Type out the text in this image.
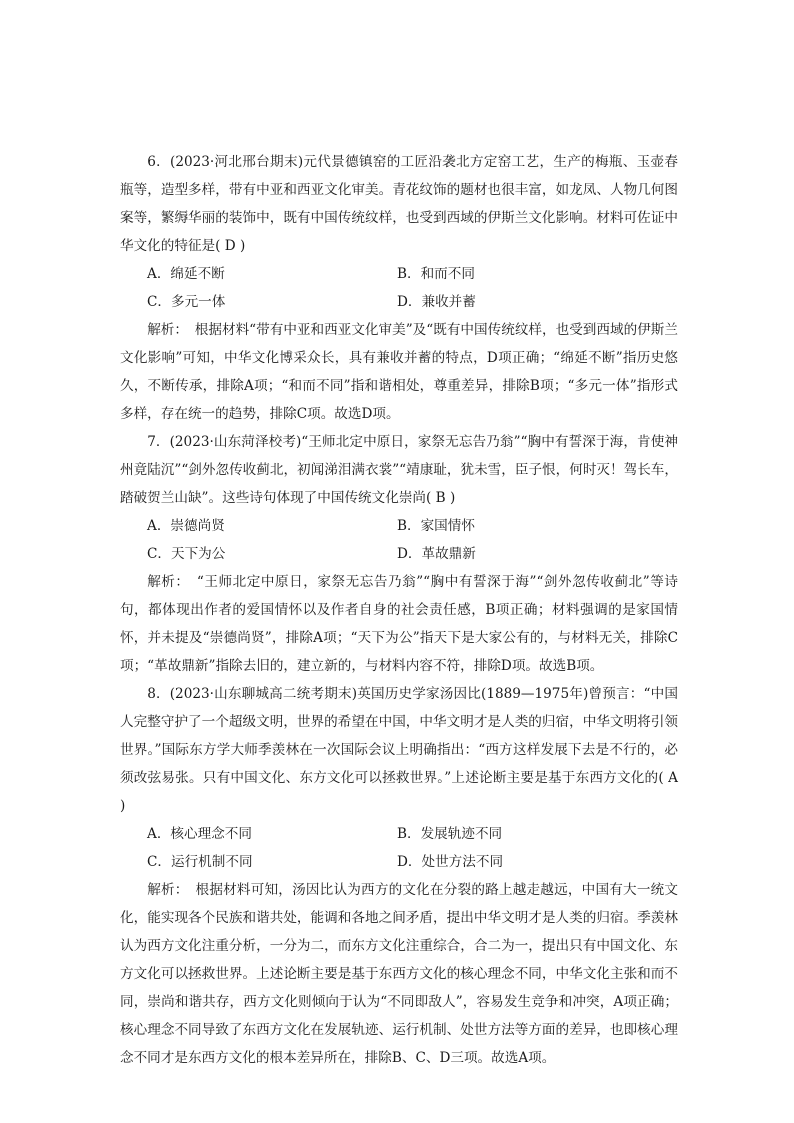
6．(2023·河北邢台期末)元代景德镇窑的工匠沿袭北方定窑工艺，生产的梅瓶、玉壶春瓶等，造型多样，带有中亚和西亚文化审美。青花纹饰的题材也很丰富，如龙凤、人物几何图案等，繁缛华丽的装饰中，既有中国传统纹样，也受到西域的伊斯兰文化影响。材料可佐证中华文化的特征是( D )

A．绵延不断	B．和而不同
C．多元一体	D．兼收并蓄

解析：　根据材料“带有中亚和西亚文化审美”及“既有中国传统纹样，也受到西域的伊斯兰文化影响”可知，中华文化博采众长，具有兼收并蓄的特点，D项正确；“绵延不断”指历史悠久，不断传承，排除A项；“和而不同”指和谐相处，尊重差异，排除B项；“多元一体”指形式多样，存在统一的趋势，排除C项。故选D项。

7．(2023·山东菏泽校考)“王师北定中原日，家祭无忘告乃翁”“胸中有誓深于海，肯使神州竟陆沉”“剑外忽传收蓟北，初闻涕泪满衣裳”“靖康耻，犹未雪，臣子恨，何时灭！驾长车，踏破贺兰山缺”。这些诗句体现了中国传统文化崇尚( B )

A．崇德尚贤	B．家国情怀
C．天下为公	D．革故鼎新

解析：　“王师北定中原日，家祭无忘告乃翁”“胸中有誓深于海”“剑外忽传收蓟北”等诗句，都体现出作者的爱国情怀以及作者自身的社会责任感，B项正确；材料强调的是家国情怀，并未提及“崇德尚贤”，排除A项；“天下为公”指天下是大家公有的，与材料无关，排除C项；“革故鼎新”指除去旧的，建立新的，与材料内容不符，排除D项。故选B项。

8．(2023·山东聊城高二统考期末)英国历史学家汤因比(1889—1975年)曾预言：“中国人完整守护了一个超级文明，世界的希望在中国，中华文明才是人类的归宿，中华文明将引领世界。”国际东方学大师季羡林在一次国际会议上明确指出：“西方这样发展下去是不行的，必须改弦易张。只有中国文化、东方文化可以拯救世界。”上述论断主要是基于东西方文化的( A )

A．核心理念不同	B．发展轨迹不同
C．运行机制不同	D．处世方法不同

解析：　根据材料可知，汤因比认为西方的文化在分裂的路上越走越远，中国有大一统文化，能实现各个民族和谐共处，能调和各地之间矛盾，提出中华文明才是人类的归宿。季羡林认为西方文化注重分析，一分为二，而东方文化注重综合，合二为一，提出只有中国文化、东方文化可以拯救世界。上述论断主要是基于东西方文化的核心理念不同，中华文化主张和而不同，崇尚和谐共存，西方文化则倾向于认为“不同即敌人”，容易发生竞争和冲突，A项正确；核心理念不同导致了东西方文化在发展轨迹、运行机制、处世方法等方面的差异，也即核心理念不同才是东西方文化的根本差异所在，排除B、C、D三项。故选A项。
